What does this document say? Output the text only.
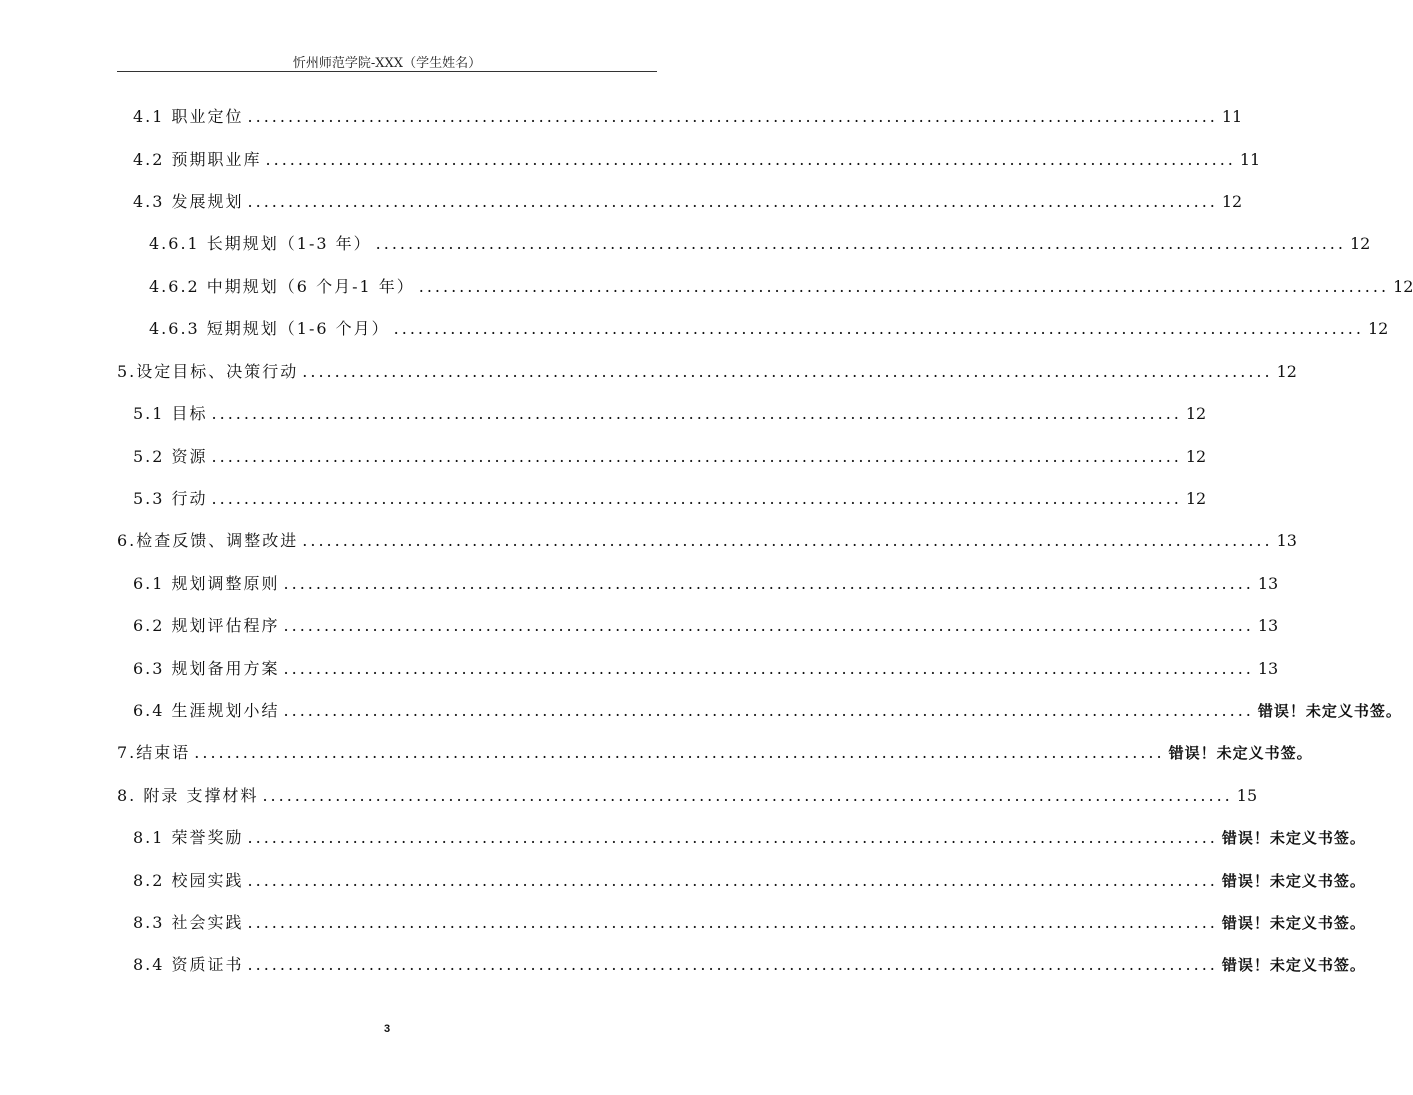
忻州师范学院-XXX（学生姓名）
4.1 职业定位 ........................................................................................................................ 11
4.2 预期职业库 ........................................................................................................................ 11
4.3 发展规划 ........................................................................................................................ 12
4.6.1 长期规划（1-3 年） ........................................................................................................................ 12
4.6.2 中期规划（6 个月-1 年） ........................................................................................................................ 12
4.6.3 短期规划（1-6 个月） ........................................................................................................................ 12
5.设定目标、决策行动 ........................................................................................................................ 12
5.1 目标 ........................................................................................................................ 12
5.2 资源 ........................................................................................................................ 12
5.3 行动 ........................................................................................................................ 12
6.检查反馈、调整改进 ........................................................................................................................ 13
6.1 规划调整原则 ........................................................................................................................ 13
6.2 规划评估程序 ........................................................................................................................ 13
6.3 规划备用方案 ........................................................................................................................ 13
6.4 生涯规划小结 ........................................................................................................................ 错误！未定义书签。
7.结束语 ........................................................................................................................ 错误！未定义书签。
8. 附录 支撑材料 ........................................................................................................................ 15
8.1 荣誉奖励 ........................................................................................................................ 错误！未定义书签。
8.2 校园实践 ........................................................................................................................ 错误！未定义书签。
8.3 社会实践 ........................................................................................................................ 错误！未定义书签。
8.4 资质证书 ........................................................................................................................ 错误！未定义书签。
3
